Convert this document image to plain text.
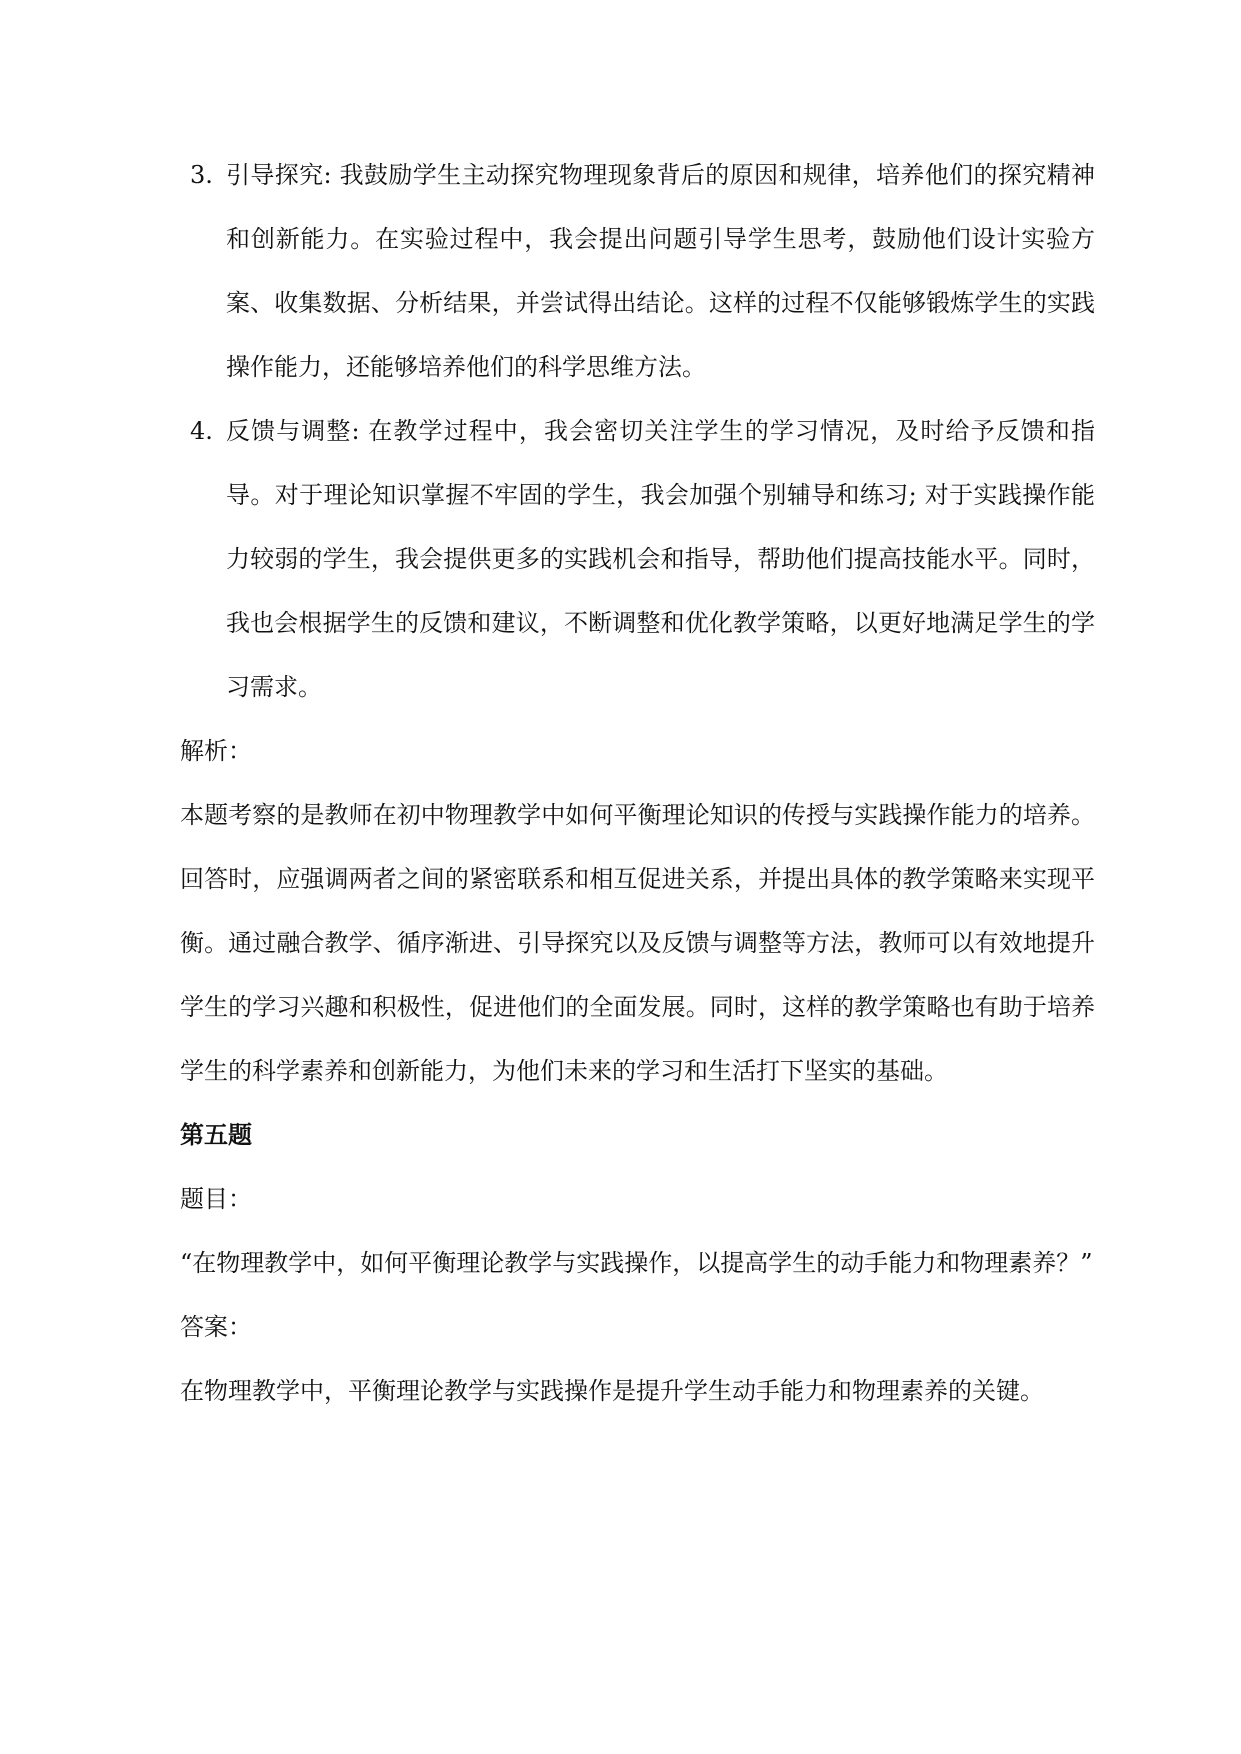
3. 引导探究: 我鼓励学生主动探究物理现象背后的原因和规律，培养他们的探究精神和创新能力。在实验过程中，我会提出问题引导学生思考，鼓励他们设计实验方案、收集数据、分析结果，并尝试得出结论。这样的过程不仅能够锻炼学生的实践操作能力，还能够培养他们的科学思维方法。
4. 反馈与调整: 在教学过程中，我会密切关注学生的学习情况，及时给予反馈和指导。对于理论知识掌握不牢固的学生，我会加强个别辅导和练习; 对于实践操作能力较弱的学生，我会提供更多的实践机会和指导，帮助他们提高技能水平。同时，我也会根据学生的反馈和建议，不断调整和优化教学策略，以更好地满足学生的学习需求。

解析：

本题考察的是教师在初中物理教学中如何平衡理论知识的传授与实践操作能力的培养。回答时，应强调两者之间的紧密联系和相互促进关系，并提出具体的教学策略来实现平衡。通过融合教学、循序渐进、引导探究以及反馈与调整等方法，教师可以有效地提升学生的学习兴趣和积极性，促进他们的全面发展。同时，这样的教学策略也有助于培养学生的科学素养和创新能力，为他们未来的学习和生活打下坚实的基础。

第五题

题目：

“在物理教学中，如何平衡理论教学与实践操作，以提高学生的动手能力和物理素养？”

答案：

在物理教学中，平衡理论教学与实践操作是提升学生动手能力和物理素养的关键。
